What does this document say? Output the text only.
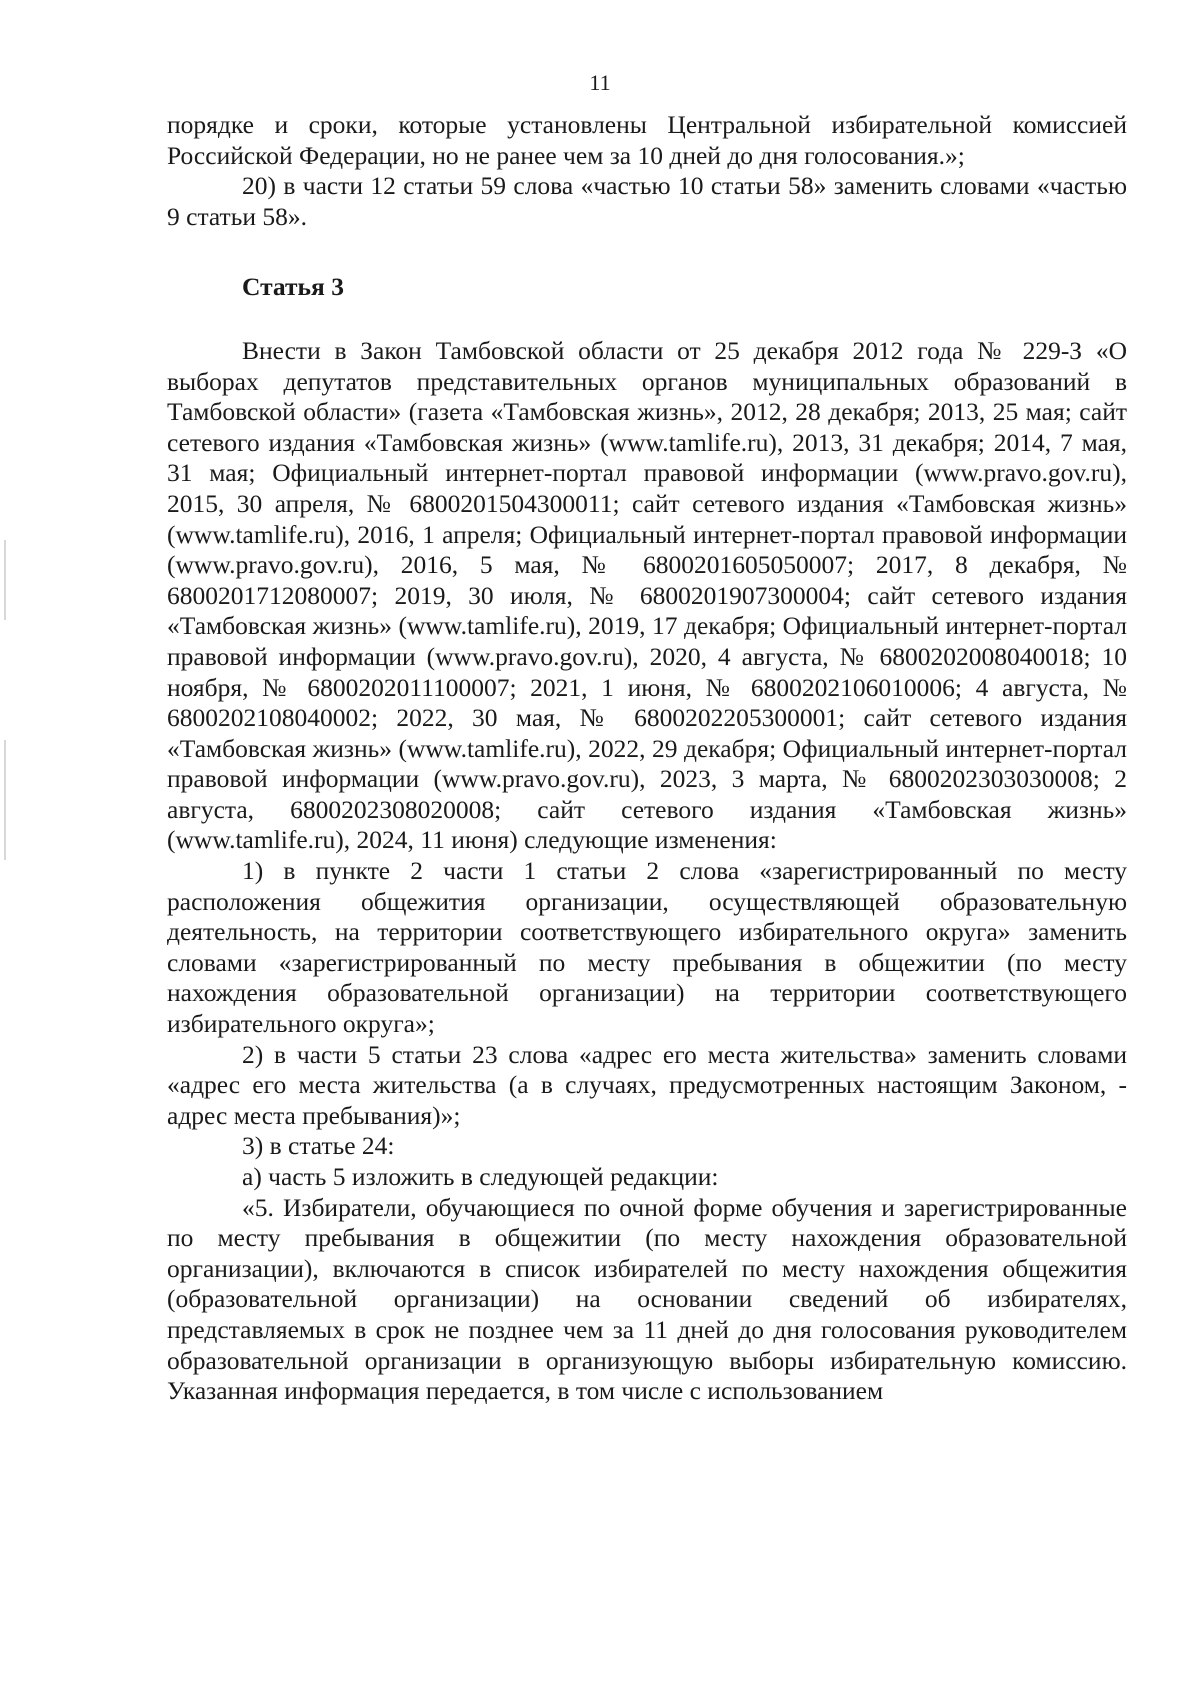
11

порядке и сроки, которые установлены Центральной избирательной комиссией Российской Федерации, но не ранее чем за 10 дней до дня голосования.»;

20) в части 12 статьи 59 слова «частью 10 статьи 58» заменить словами «частью 9 статьи 58».

Статья 3

Внести в Закон Тамбовской области от 25 декабря 2012 года № 229-З «О выборах депутатов представительных органов муниципальных образований в Тамбовской области» (газета «Тамбовская жизнь», 2012, 28 декабря; 2013, 25 мая; сайт сетевого издания «Тамбовская жизнь» (www.tamlife.ru), 2013, 31 декабря; 2014, 7 мая, 31 мая; Официальный интернет-портал правовой информации (www.pravo.gov.ru), 2015, 30 апреля, № 6800201504300011; сайт сетевого издания «Тамбовская жизнь» (www.tamlife.ru), 2016, 1 апреля; Официальный интернет-портал правовой информации (www.pravo.gov.ru), 2016, 5 мая, № 6800201605050007; 2017, 8 декабря, № 6800201712080007; 2019, 30 июля, № 6800201907300004; сайт сетевого издания «Тамбовская жизнь» (www.tamlife.ru), 2019, 17 декабря; Официальный интернет-портал правовой информации (www.pravo.gov.ru), 2020, 4 августа, № 6800202008040018; 10 ноября, № 6800202011100007; 2021, 1 июня, № 6800202106010006; 4 августа, № 6800202108040002; 2022, 30 мая, № 6800202205300001; сайт сетевого издания «Тамбовская жизнь» (www.tamlife.ru), 2022, 29 декабря; Официальный интернет-портал правовой информации (www.pravo.gov.ru), 2023, 3 марта, № 6800202303030008; 2 августа, 6800202308020008; сайт сетевого издания «Тамбовская жизнь» (www.tamlife.ru), 2024, 11 июня) следующие изменения:

1) в пункте 2 части 1 статьи 2 слова «зарегистрированный по месту расположения общежития организации, осуществляющей образовательную деятельность, на территории соответствующего избирательного округа» заменить словами «зарегистрированный по месту пребывания в общежитии (по месту нахождения образовательной организации) на территории соответствующего избирательного округа»;

2) в части 5 статьи 23 слова «адрес его места жительства» заменить словами «адрес его места жительства (а в случаях, предусмотренных настоящим Законом, - адрес места пребывания)»;

3) в статье 24:

а) часть 5 изложить в следующей редакции:

«5. Избиратели, обучающиеся по очной форме обучения и зарегистрированные по месту пребывания в общежитии (по месту нахождения образовательной организации), включаются в список избирателей по месту нахождения общежития (образовательной организации) на основании сведений об избирателях, представляемых в срок не позднее чем за 11 дней до дня голосования руководителем образовательной организации в организующую выборы избирательную комиссию. Указанная информация передается, в том числе с использованием
